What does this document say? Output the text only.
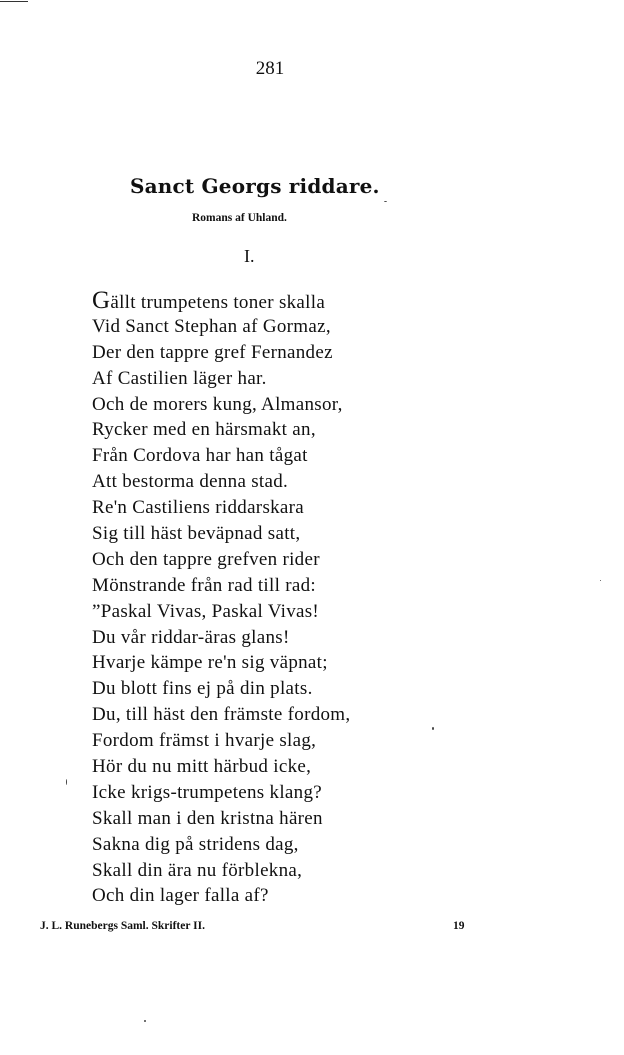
281
Sanct Georgs riddare.
Romans af Uhland.
I.
Gällt trumpetens toner skalla
Vid Sanct Stephan af Gormaz,
Der den tappre gref Fernandez
Af Castilien läger har.
Och de morers kung, Almansor,
Rycker med en härsmakt an,
Från Cordova har han tågat
Att bestorma denna stad.
Re'n Castiliens riddarskara
Sig till häst beväpnad satt,
Och den tappre grefven rider
Mönstrande från rad till rad:
”Paskal Vivas, Paskal Vivas!
Du vår riddar-äras glans!
Hvarje kämpe re'n sig väpnat;
Du blott fins ej på din plats.
Du, till häst den främste fordom,
Fordom främst i hvarje slag,
Hör du nu mitt härbud icke,
Icke krigs-trumpetens klang?
Skall man i den kristna hären
Sakna dig på stridens dag,
Skall din ära nu förblekna,
Och din lager falla af?
J. L. Runebergs Saml. Skrifter II.	19
